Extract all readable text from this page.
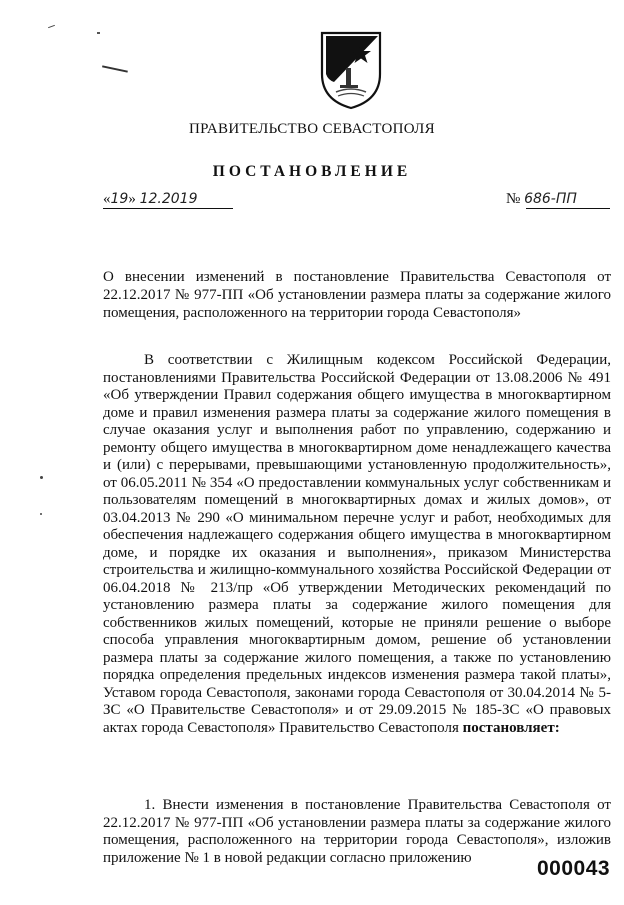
ПРАВИТЕЛЬСТВО СЕВАСТОПОЛЯ
ПОСТАНОВЛЕНИЕ
«19» 12.2019	№ 686-ПП
О внесении изменений в постановление Правительства Севастополя от 22.12.2017 № 977-ПП «Об установлении размера платы за содержание жилого помещения, расположенного на территории города Севастополя»
В соответствии с Жилищным кодексом Российской Федерации, постановлениями Правительства Российской Федерации от 13.08.2006 № 491 «Об утверждении Правил содержания общего имущества в многоквартирном доме и правил изменения размера платы за содержание жилого помещения в случае оказания услуг и выполнения работ по управлению, содержанию и ремонту общего имущества в многоквартирном доме ненадлежащего качества и (или) с перерывами, превышающими установленную продолжительность», от 06.05.2011 № 354 «О предоставлении коммунальных услуг собственникам и пользователям помещений в многоквартирных домах и жилых домов», от 03.04.2013 № 290 «О минимальном перечне услуг и работ, необходимых для обеспечения надлежащего содержания общего имущества в многоквартирном доме, и порядке их оказания и выполнения», приказом Министерства строительства и жилищно-коммунального хозяйства Российской Федерации от 06.04.2018 № 213/пр «Об утверждении Методических рекомендаций по установлению размера платы за содержание жилого помещения для собственников жилых помещений, которые не приняли решение о выборе способа управления многоквартирным домом, решение об установлении размера платы за содержание жилого помещения, а также по установлению порядка определения предельных индексов изменения размера такой платы», Уставом города Севастополя, законами города Севастополя от 30.04.2014 № 5-ЗС «О Правительстве Севастополя» и от 29.09.2015 № 185-ЗС «О правовых актах города Севастополя» Правительство Севастополя постановляет:
1. Внести изменения в постановление Правительства Севастополя от 22.12.2017 № 977-ПП «Об установлении размера платы за содержание жилого помещения, расположенного на территории города Севастополя», изложив приложение № 1 в новой редакции согласно приложению	000043
